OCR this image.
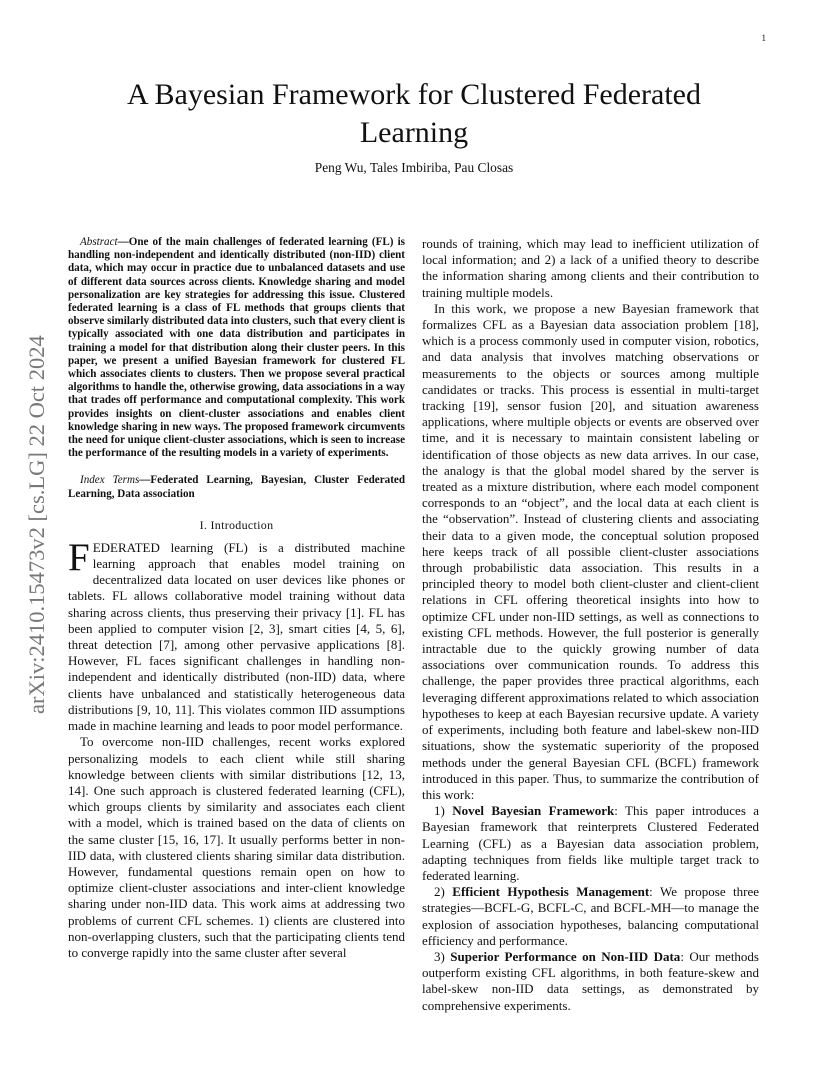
1
arXiv:2410.15473v2 [cs.LG] 22 Oct 2024
A Bayesian Framework for Clustered Federated Learning

Peng Wu, Tales Imbiriba, Pau Closas

Abstract—One of the main challenges of federated learning (FL) is handling non-independent and identically distributed (non-IID) client data, which may occur in practice due to unbalanced datasets and use of different data sources across clients. Knowledge sharing and model personalization are key strategies for addressing this issue. Clustered federated learning is a class of FL methods that groups clients that observe similarly distributed data into clusters, such that every client is typically associated with one data distribution and participates in training a model for that distribution along their cluster peers. In this paper, we present a unified Bayesian framework for clustered FL which associates clients to clusters. Then we propose several practical algorithms to handle the, otherwise growing, data associations in a way that trades off performance and computational complexity. This work provides insights on client-cluster associations and enables client knowledge sharing in new ways. The proposed framework circumvents the need for unique client-cluster associations, which is seen to increase the performance of the resulting models in a variety of experiments.

Index Terms—Federated Learning, Bayesian, Cluster Federated Learning, Data association

I. Introduction

FEDERATED learning (FL) is a distributed machine learning approach that enables model training on decentralized data located on user devices like phones or tablets. FL allows collaborative model training without data sharing across clients, thus preserving their privacy [1]. FL has been applied to computer vision [2, 3], smart cities [4, 5, 6], threat detection [7], among other pervasive applications [8]. However, FL faces significant challenges in handling non-independent and identically distributed (non-IID) data, where clients have unbalanced and statistically heterogeneous data distributions [9, 10, 11]. This violates common IID assumptions made in machine learning and leads to poor model performance.

To overcome non-IID challenges, recent works explored personalizing models to each client while still sharing knowledge between clients with similar distributions [12, 13, 14]. One such approach is clustered federated learning (CFL), which groups clients by similarity and associates each client with a model, which is trained based on the data of clients on the same cluster [15, 16, 17]. It usually performs better in non-IID data, with clustered clients sharing similar data distribution. However, fundamental questions remain open on how to optimize client-cluster associations and inter-client knowledge sharing under non-IID data. This work aims at addressing two problems of current CFL schemes. 1) clients are clustered into non-overlapping clusters, such that the participating clients tend to converge rapidly into the same cluster after several

rounds of training, which may lead to inefficient utilization of local information; and 2) a lack of a unified theory to describe the information sharing among clients and their contribution to training multiple models.

In this work, we propose a new Bayesian framework that formalizes CFL as a Bayesian data association problem [18], which is a process commonly used in computer vision, robotics, and data analysis that involves matching observations or measurements to the objects or sources among multiple candidates or tracks. This process is essential in multi-target tracking [19], sensor fusion [20], and situation awareness applications, where multiple objects or events are observed over time, and it is necessary to maintain consistent labeling or identification of those objects as new data arrives. In our case, the analogy is that the global model shared by the server is treated as a mixture distribution, where each model component corresponds to an “object”, and the local data at each client is the “observation”. Instead of clustering clients and associating their data to a given mode, the conceptual solution proposed here keeps track of all possible client-cluster associations through probabilistic data association. This results in a principled theory to model both client-cluster and client-client relations in CFL offering theoretical insights into how to optimize CFL under non-IID settings, as well as connections to existing CFL methods. However, the full posterior is generally intractable due to the quickly growing number of data associations over communication rounds. To address this challenge, the paper provides three practical algorithms, each leveraging different approximations related to which association hypotheses to keep at each Bayesian recursive update. A variety of experiments, including both feature and label-skew non-IID situations, show the systematic superiority of the proposed methods under the general Bayesian CFL (BCFL) framework introduced in this paper. Thus, to summarize the contribution of this work:

1) Novel Bayesian Framework: This paper introduces a Bayesian framework that reinterprets Clustered Federated Learning (CFL) as a Bayesian data association problem, adapting techniques from fields like multiple target track to federated learning.

2) Efficient Hypothesis Management: We propose three strategies—BCFL-G, BCFL-C, and BCFL-MH—to manage the explosion of association hypotheses, balancing computational efficiency and performance.

3) Superior Performance on Non-IID Data: Our methods outperform existing CFL algorithms, in both feature-skew and label-skew non-IID data settings, as demonstrated by comprehensive experiments.
